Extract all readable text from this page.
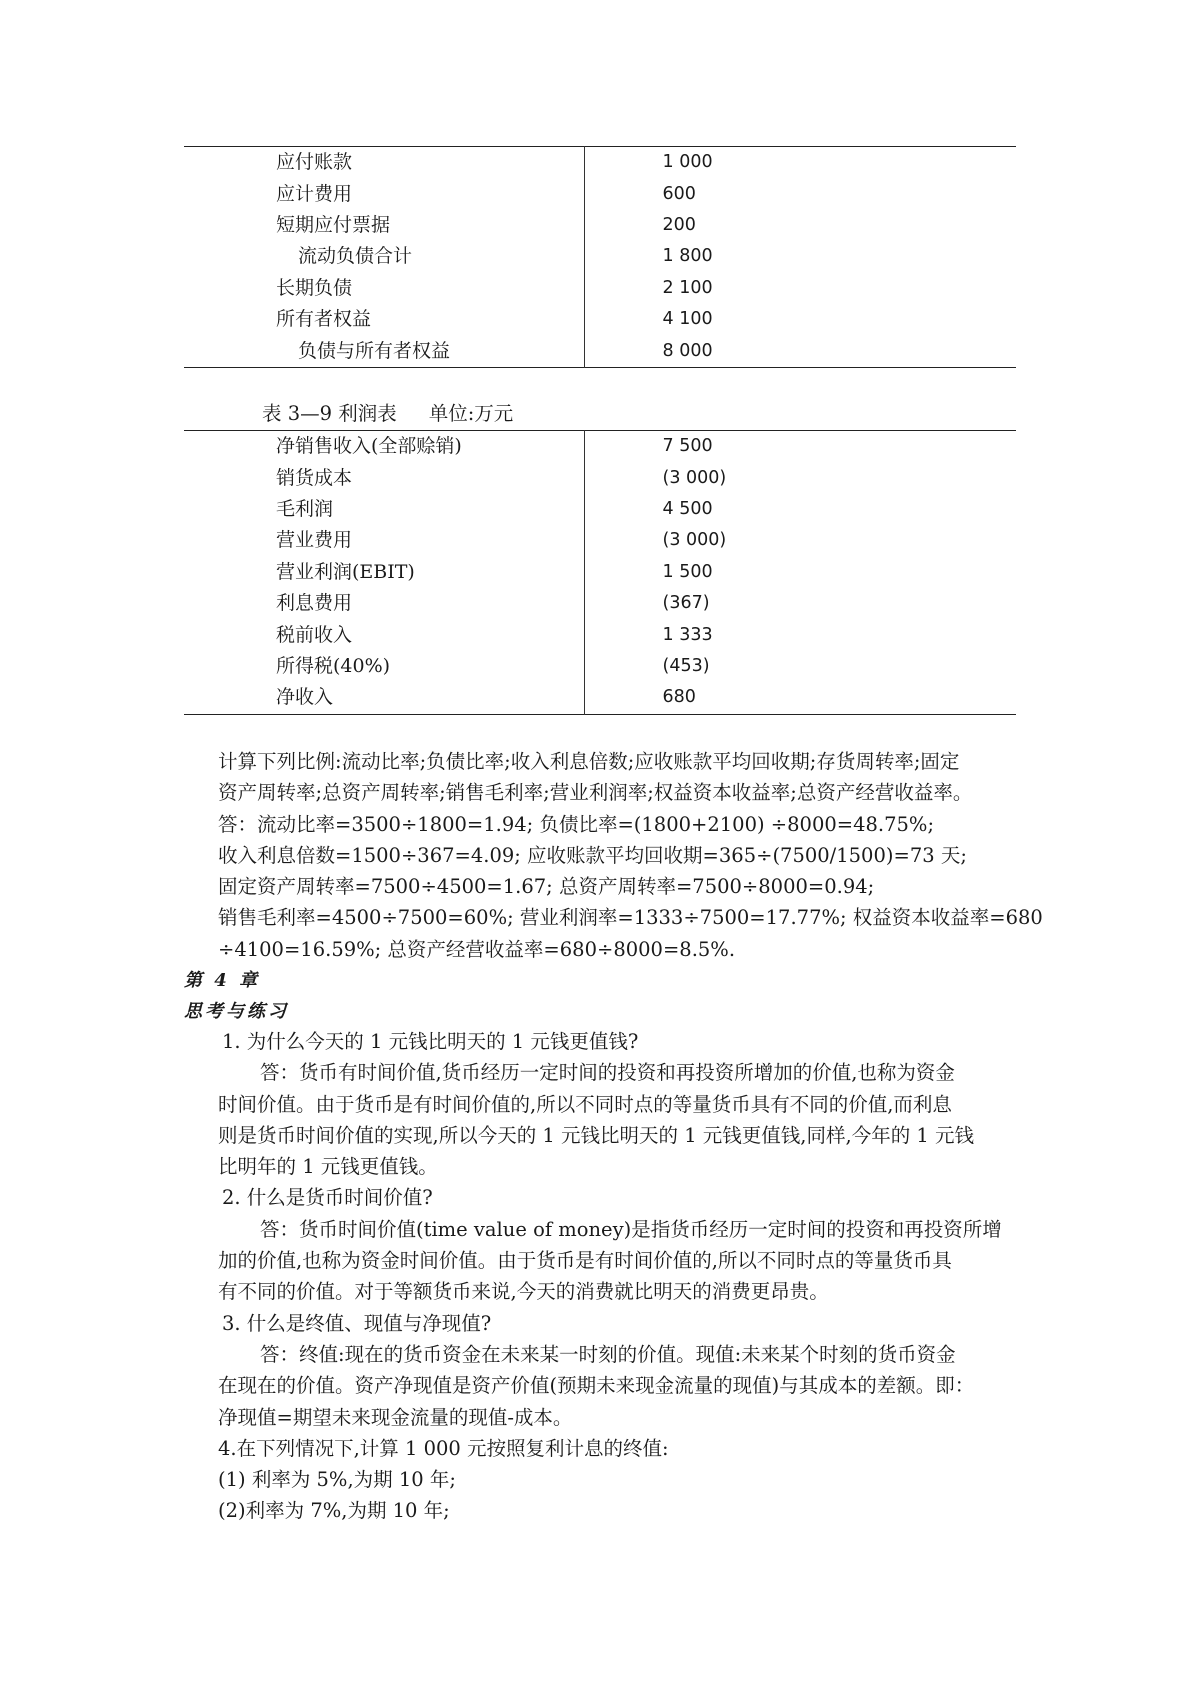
应付账款	1 000
应计费用	600
短期应付票据	200
流动负债合计	1 800
长期负债	2 100
所有者权益	4 100
负债与所有者权益	8 000
表 3—9 利润表 单位:万元
净销售收入(全部赊销)	7 500
销货成本	(3 000)
毛利润	4 500
营业费用	(3 000)
营业利润(EBIT)	1 500
利息费用	(367)
税前收入	1 333
所得税(40%)	(453)
净收入	680
计算下列比例:流动比率;负债比率;收入利息倍数;应收账款平均回收期;存货周转率;固定
资产周转率;总资产周转率;销售毛利率;营业利润率;权益资本收益率;总资产经营收益率。
答：流动比率=3500÷1800=1.94; 负债比率=(1800+2100) ÷8000=48.75%;
收入利息倍数=1500÷367=4.09; 应收账款平均回收期=365÷(7500/1500)=73 天;
固定资产周转率=7500÷4500=1.67; 总资产周转率=7500÷8000=0.94;
销售毛利率=4500÷7500=60%; 营业利润率=1333÷7500=17.77%; 权益资本收益率=680
÷4100=16.59%; 总资产经营收益率=680÷8000=8.5%.
第 4 章
思考与练习
1. 为什么今天的 1 元钱比明天的 1 元钱更值钱?
答：货币有时间价值,货币经历一定时间的投资和再投资所增加的价值,也称为资金
时间价值。由于货币是有时间价值的,所以不同时点的等量货币具有不同的价值,而利息
则是货币时间价值的实现,所以今天的 1 元钱比明天的 1 元钱更值钱,同样,今年的 1 元钱
比明年的 1 元钱更值钱。
2. 什么是货币时间价值?
答：货币时间价值(time value of money)是指货币经历一定时间的投资和再投资所增
加的价值,也称为资金时间价值。由于货币是有时间价值的,所以不同时点的等量货币具
有不同的价值。对于等额货币来说,今天的消费就比明天的消费更昂贵。
3. 什么是终值、现值与净现值?
答：终值:现在的货币资金在未来某一时刻的价值。现值:未来某个时刻的货币资金
在现在的价值。资产净现值是资产价值(预期未来现金流量的现值)与其成本的差额。即：
净现值=期望未来现金流量的现值-成本。
4.在下列情况下,计算 1 000 元按照复利计息的终值:
(1) 利率为 5%,为期 10 年;
(2)利率为 7%,为期 10 年;
